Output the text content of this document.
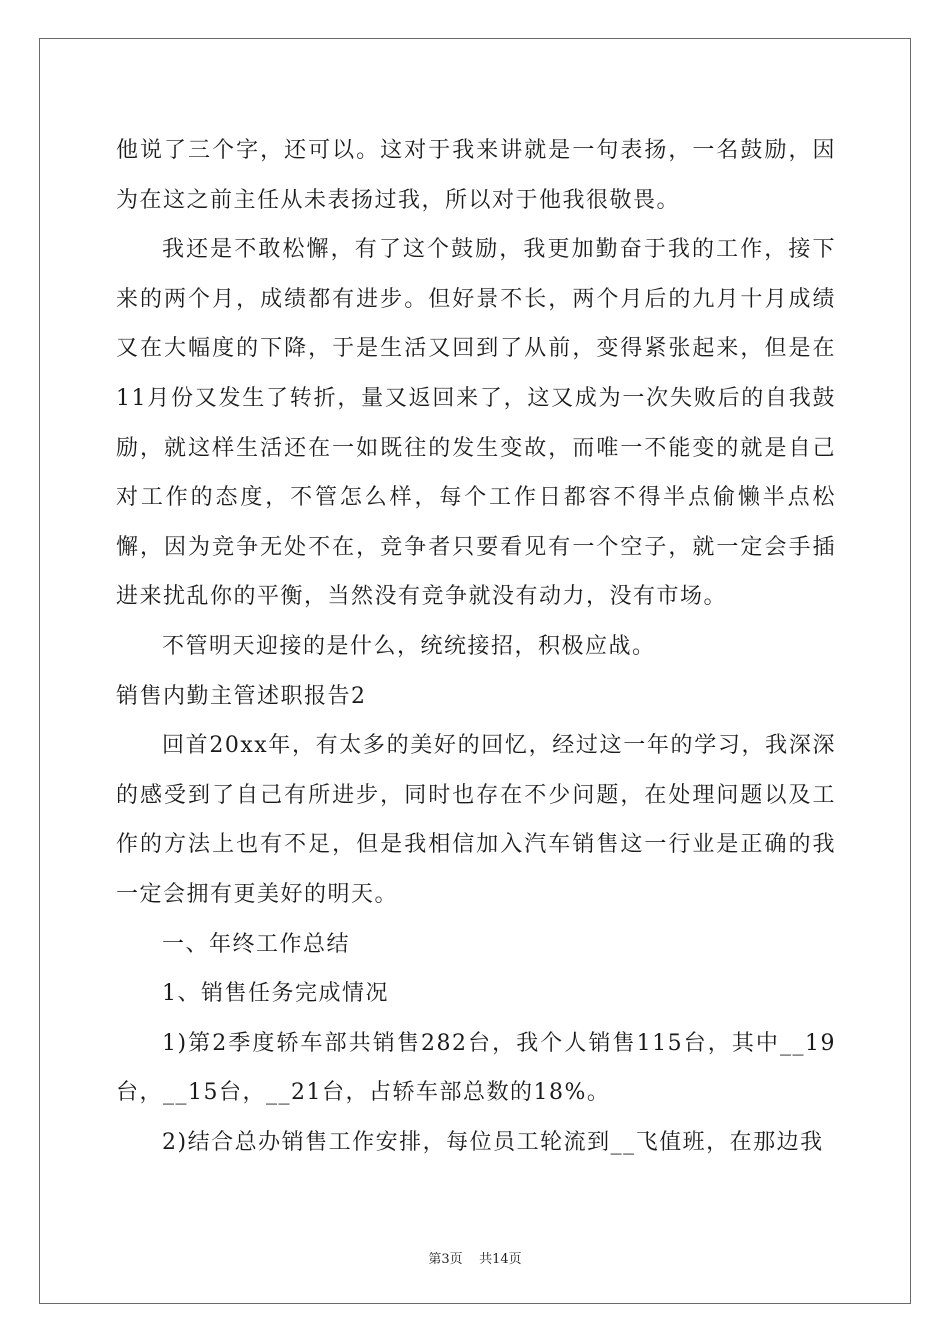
他说了三个字，还可以。这对于我来讲就是一句表扬，一名鼓励，因为在这之前主任从未表扬过我，所以对于他我很敬畏。

我还是不敢松懈，有了这个鼓励，我更加勤奋于我的工作，接下来的两个月，成绩都有进步。但好景不长，两个月后的九月十月成绩又在大幅度的下降，于是生活又回到了从前，变得紧张起来，但是在11月份又发生了转折，量又返回来了，这又成为一次失败后的自我鼓励，就这样生活还在一如既往的发生变故，而唯一不能变的就是自己对工作的态度，不管怎么样，每个工作日都容不得半点偷懒半点松懈，因为竞争无处不在，竞争者只要看见有一个空子，就一定会手插进来扰乱你的平衡，当然没有竞争就没有动力，没有市场。

不管明天迎接的是什么，统统接招，积极应战。

销售内勤主管述职报告2

回首20xx年，有太多的美好的回忆，经过这一年的学习，我深深的感受到了自己有所进步，同时也存在不少问题，在处理问题以及工作的方法上也有不足，但是我相信加入汽车销售这一行业是正确的我一定会拥有更美好的明天。

一、年终工作总结

1、销售任务完成情况

1)第2季度轿车部共销售282台，我个人销售115台，其中__19台，__15台，__21台，占轿车部总数的18%。

2)结合总办销售工作安排，每位员工轮流到__飞值班，在那边我

第3页 共14页
